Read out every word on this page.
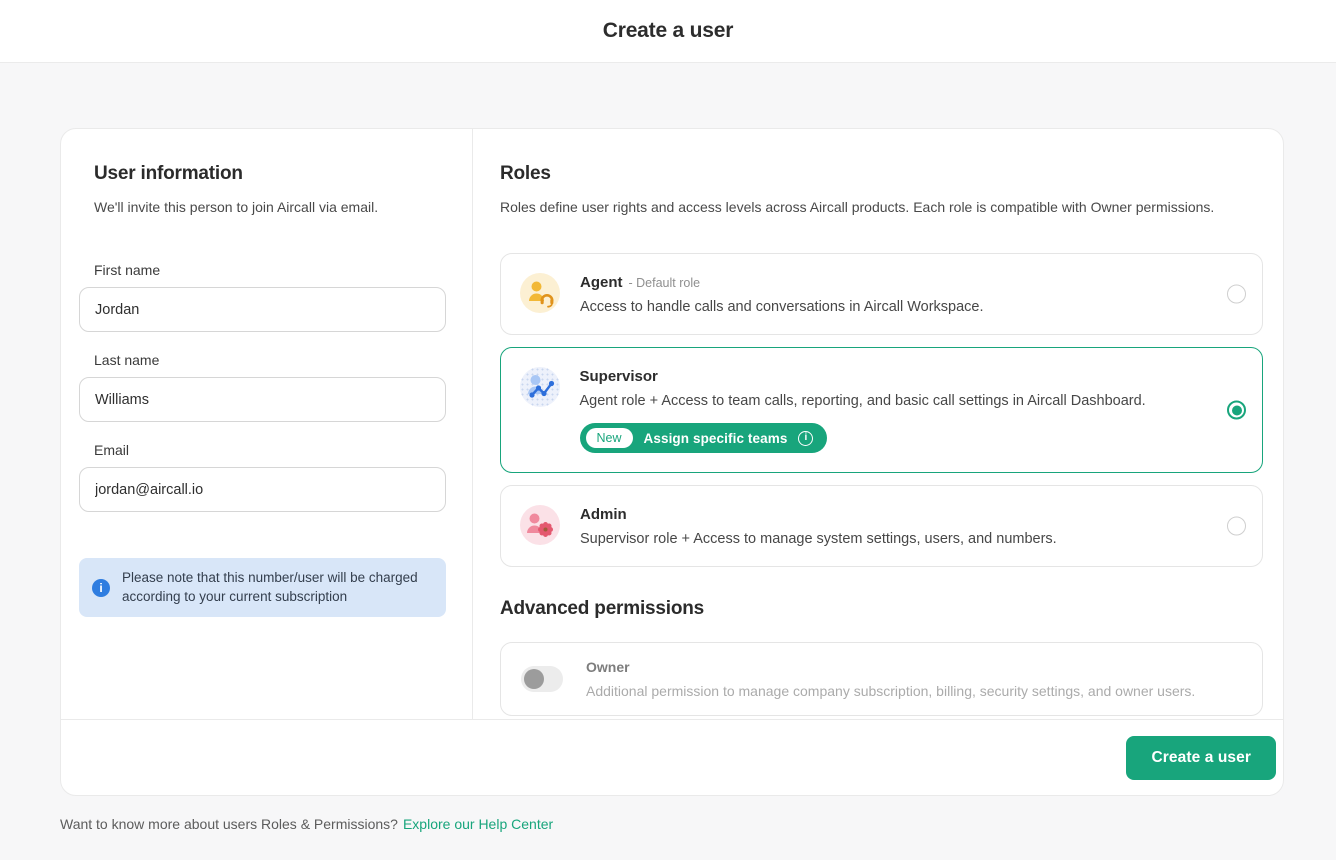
Create a user
User information

We'll invite this person to join Aircall via email.

First name
Jordan
Last name
Williams
Email
jordan@aircall.io
i
Please note that this number/user will be charged according to your current subscription
Roles

Roles define user rights and access levels across Aircall products. Each role is compatible with Owner permissions.

Agent - Default role

Access to handle calls and conversations in Aircall Workspace.

Supervisor

Agent role + Access to team calls, reporting, and basic call settings in Aircall Dashboard.

New	Assign specific teams	i
Admin

Supervisor role + Access to manage system settings, users, and numbers.

Advanced permissions
Owner

Additional permission to manage company subscription, billing, security settings, and owner users.

Create a user
Want to know more about users Roles & Permissions? Explore our Help Center
